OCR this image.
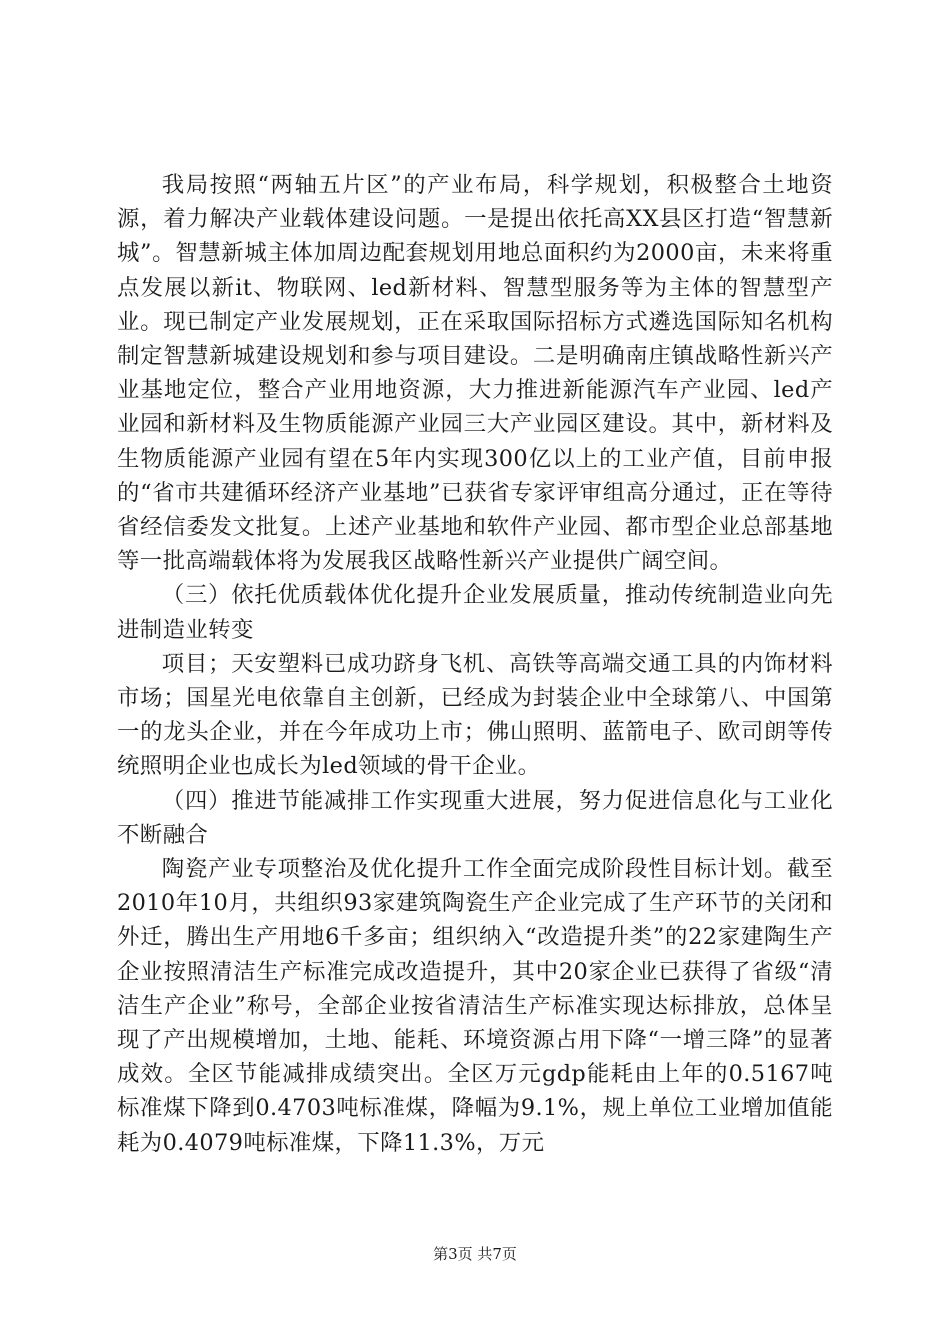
我局按照“两轴五片区”的产业布局，科学规划，积极整合土地资源，着力解决产业载体建设问题。一是提出依托高XX县区打造“智慧新城”。智慧新城主体加周边配套规划用地总面积约为2000亩，未来将重点发展以新it、物联网、led新材料、智慧型服务等为主体的智慧型产业。现已制定产业发展规划，正在采取国际招标方式遴选国际知名机构制定智慧新城建设规划和参与项目建设。二是明确南庄镇战略性新兴产业基地定位，整合产业用地资源，大力推进新能源汽车产业园、led产业园和新材料及生物质能源产业园三大产业园区建设。其中，新材料及生物质能源产业园有望在5年内实现300亿以上的工业产值，目前申报的“省市共建循环经济产业基地”已获省专家评审组高分通过，正在等待省经信委发文批复。上述产业基地和软件产业园、都市型企业总部基地等一批高端载体将为发展我区战略性新兴产业提供广阔空间。

（三）依托优质载体优化提升企业发展质量，推动传统制造业向先进制造业转变

项目；天安塑料已成功跻身飞机、高铁等高端交通工具的内饰材料市场；国星光电依靠自主创新，已经成为封装企业中全球第八、中国第一的龙头企业，并在今年成功上市；佛山照明、蓝箭电子、欧司朗等传统照明企业也成长为led领域的骨干企业。

（四）推进节能减排工作实现重大进展，努力促进信息化与工业化不断融合

陶瓷产业专项整治及优化提升工作全面完成阶段性目标计划。截至2010年10月，共组织93家建筑陶瓷生产企业完成了生产环节的关闭和外迁，腾出生产用地6千多亩；组织纳入“改造提升类”的22家建陶生产企业按照清洁生产标准完成改造提升，其中20家企业已获得了省级“清洁生产企业”称号，全部企业按省清洁生产标准实现达标排放，总体呈现了产出规模增加，土地、能耗、环境资源占用下降“一增三降”的显著成效。全区节能减排成绩突出。全区万元gdp能耗由上年的0.5167吨标准煤下降到0.4703吨标准煤，降幅为9.1%，规上单位工业增加值能耗为0.4079吨标准煤，下降11.3%，万元

第3页 共7页
